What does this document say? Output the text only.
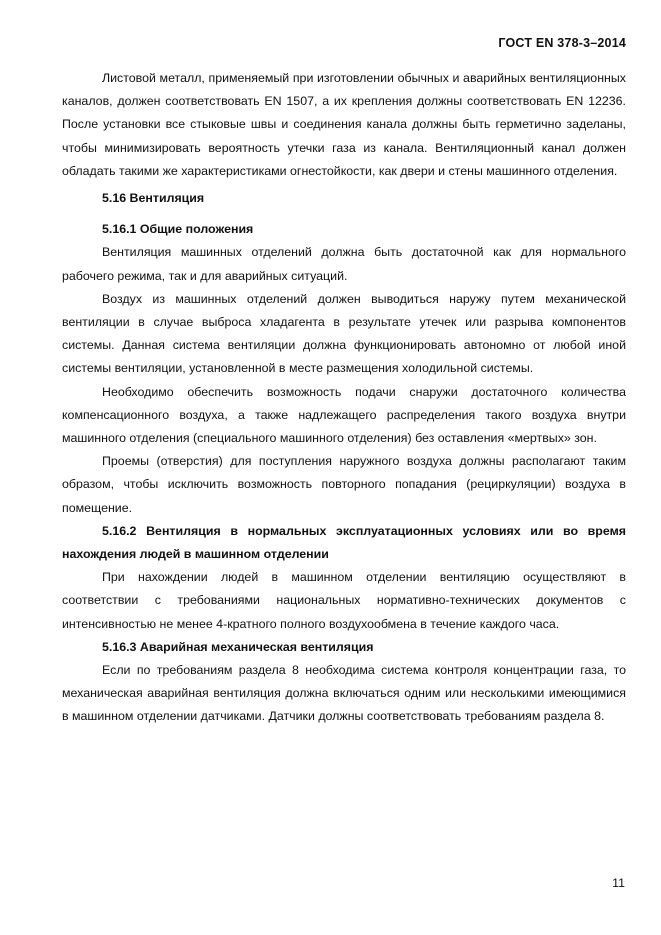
ГОСТ EN 378-3–2014

Листовой металл, применяемый при изготовлении обычных и аварийных вентиляционных каналов, должен соответствовать EN 1507, а их крепления должны соответствовать EN 12236. После установки все стыковые швы и соединения канала должны быть герметично заделаны, чтобы минимизировать вероятность утечки газа из канала. Вентиляционный канал должен обладать такими же характеристиками огнестойкости, как двери и стены машинного отделения.

5.16 Вентиляция
5.16.1 Общие положения

Вентиляция машинных отделений должна быть достаточной как для нормального рабочего режима, так и для аварийных ситуаций.

Воздух из машинных отделений должен выводиться наружу путем механической вентиляции в случае выброса хладагента в результате утечек или разрыва компонентов системы. Данная система вентиляции должна функционировать автономно от любой иной системы вентиляции, установленной в месте размещения холодильной системы.

Необходимо обеспечить возможность подачи снаружи достаточного количества компенсационного воздуха, а также надлежащего распределения такого воздуха внутри машинного отделения (специального машинного отделения) без оставления «мертвых» зон.

Проемы (отверстия) для поступления наружного воздуха должны располагают таким образом, чтобы исключить возможность повторного попадания (рециркуляции) воздуха в помещение.

5.16.2 Вентиляция в нормальных эксплуатационных условиях или во время нахождения людей в машинном отделении

При нахождении людей в машинном отделении вентиляцию осуществляют в соответствии с требованиями национальных нормативно-технических документов с интенсивностью не менее 4-кратного полного воздухообмена в течение каждого часа.

5.16.3 Аварийная механическая вентиляция

Если по требованиям раздела 8 необходима система контроля концентрации газа, то механическая аварийная вентиляция должна включаться одним или несколькими имеющимися в машинном отделении датчиками. Датчики должны соответствовать требованиям раздела 8.

11
